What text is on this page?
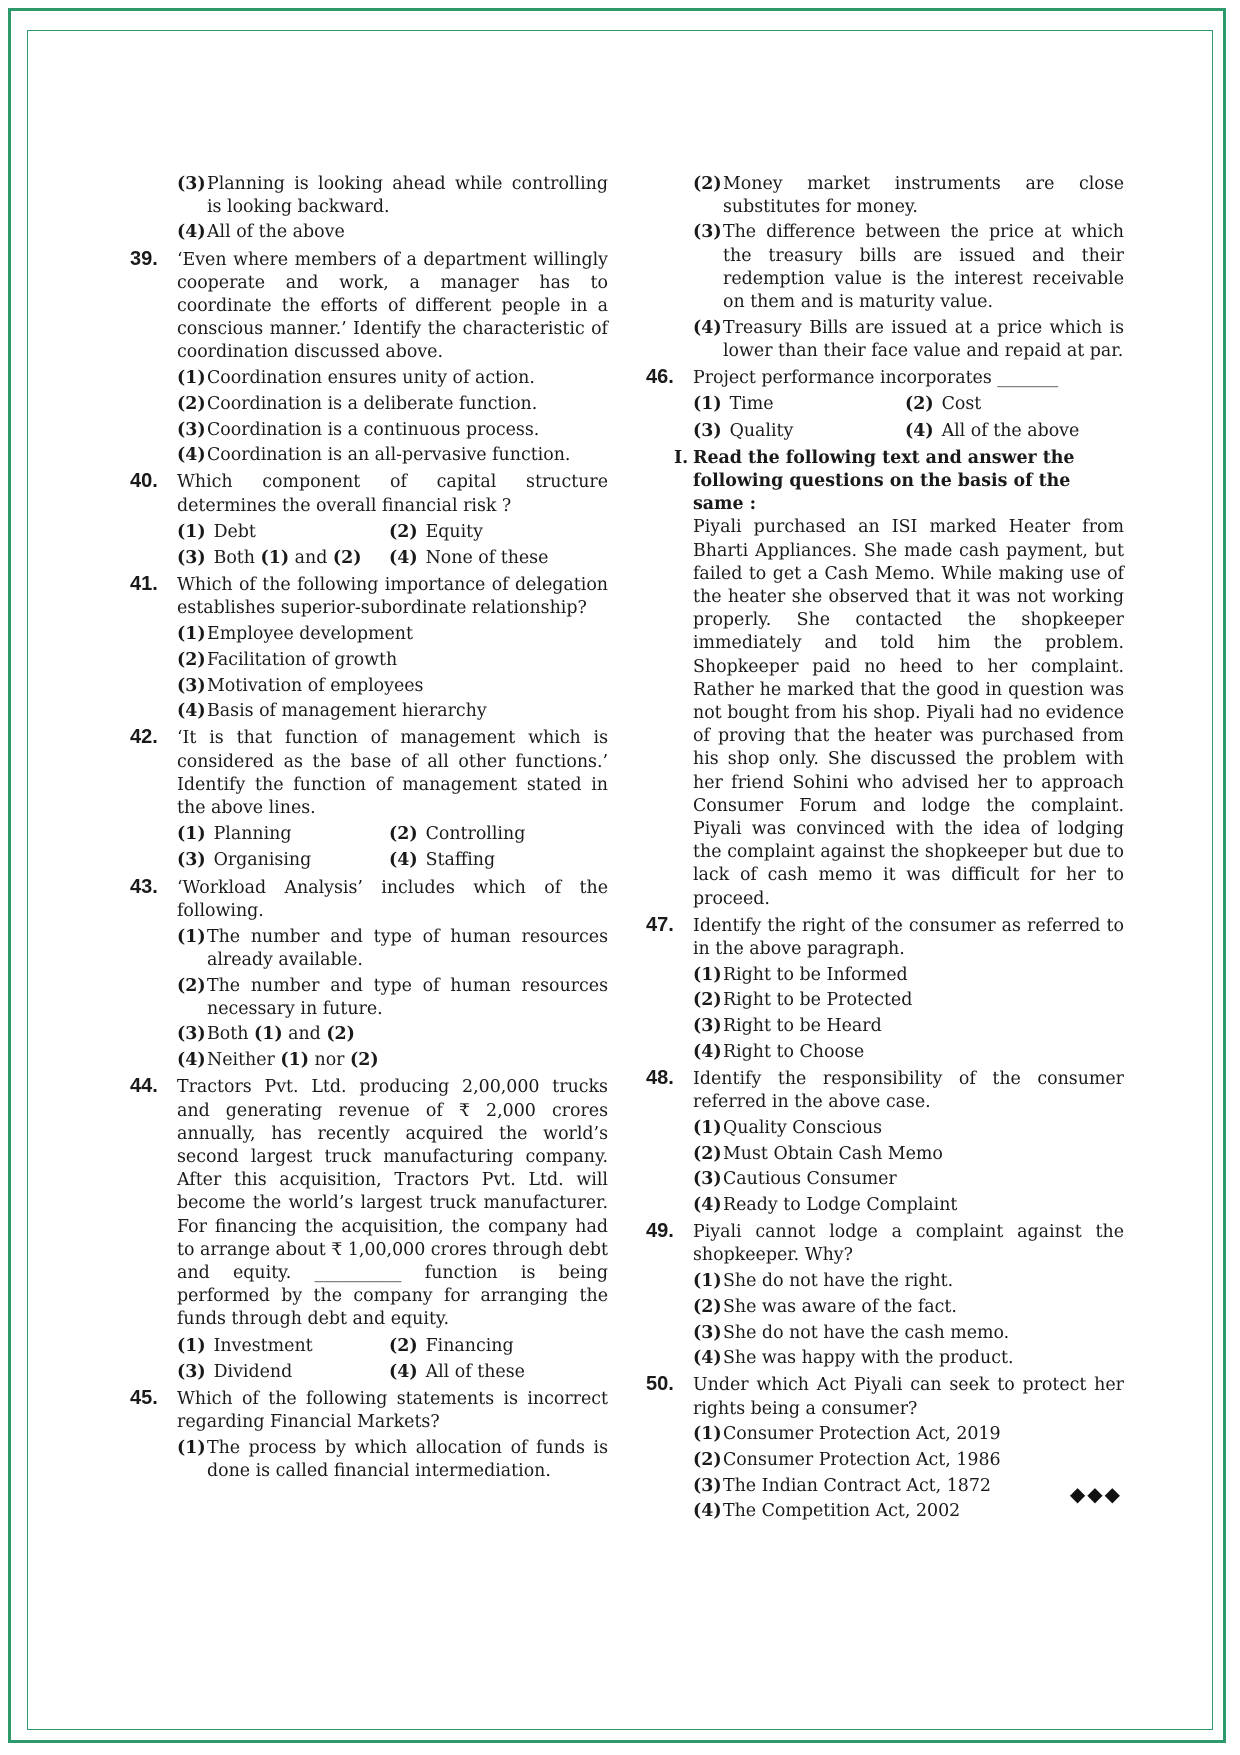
(3) Planning is looking ahead while controlling is looking backward.
(4) All of the above
39. ‘Even where members of a department willingly cooperate and work, a manager has to coordinate the efforts of different people in a conscious manner.’ Identify the characteristic of coordination discussed above.
(1) Coordination ensures unity of action.
(2) Coordination is a deliberate function.
(3) Coordination is a continuous process.
(4) Coordination is an all-pervasive function.
40. Which component of capital structure determines the overall financial risk ?
(1) Debt	(2) Equity
(3) Both (1) and (2)	(4) None of these
41. Which of the following importance of delegation establishes superior-subordinate relationship?
(1) Employee development
(2) Facilitation of growth
(3) Motivation of employees
(4) Basis of management hierarchy
42. ‘It is that function of management which is considered as the base of all other functions.’ Identify the function of management stated in the above lines.
(1) Planning	(2) Controlling
(3) Organising	(4) Staffing
43. ‘Workload Analysis’ includes which of the following.
(1) The number and type of human resources already available.
(2) The number and type of human resources necessary in future.
(3) Both (1) and (2)
(4) Neither (1) nor (2)
44. Tractors Pvt. Ltd. producing 2,00,000 trucks and generating revenue of ₹ 2,000 crores annually, has recently acquired the world’s second largest truck manufacturing company. After this acquisition, Tractors Pvt. Ltd. will become the world’s largest truck manufacturer. For financing the acquisition, the company had to arrange about ₹ 1,00,000 crores through debt and equity. __________ function is being performed by the company for arranging the funds through debt and equity.
(1) Investment	(2) Financing
(3) Dividend	(4) All of these
45. Which of the following statements is incorrect regarding Financial Markets?
(1) The process by which allocation of funds is done is called financial intermediation.
(2) Money market instruments are close substitutes for money.
(3) The difference between the price at which the treasury bills are issued and their redemption value is the interest receivable on them and is maturity value.
(4) Treasury Bills are issued at a price which is lower than their face value and repaid at par.
46. Project performance incorporates _______
(1) Time	(2) Cost
(3) Quality	(4) All of the above
I. Read the following text and answer the following questions on the basis of the same :
Piyali purchased an ISI marked Heater from Bharti Appliances. She made cash payment, but failed to get a Cash Memo. While making use of the heater she observed that it was not working properly. She contacted the shopkeeper immediately and told him the problem. Shopkeeper paid no heed to her complaint. Rather he marked that the good in question was not bought from his shop. Piyali had no evidence of proving that the heater was purchased from his shop only. She discussed the problem with her friend Sohini who advised her to approach Consumer Forum and lodge the complaint. Piyali was convinced with the idea of lodging the complaint against the shopkeeper but due to lack of cash memo it was difficult for her to proceed.
47. Identify the right of the consumer as referred to in the above paragraph.
(1) Right to be Informed
(2) Right to be Protected
(3) Right to be Heard
(4) Right to Choose
48. Identify the responsibility of the consumer referred in the above case.
(1) Quality Conscious
(2) Must Obtain Cash Memo
(3) Cautious Consumer
(4) Ready to Lodge Complaint
49. Piyali cannot lodge a complaint against the shopkeeper. Why?
(1) She do not have the right.
(2) She was aware of the fact.
(3) She do not have the cash memo.
(4) She was happy with the product.
50. Under which Act Piyali can seek to protect her rights being a consumer?
(1) Consumer Protection Act, 2019
(2) Consumer Protection Act, 1986
(3) The Indian Contract Act, 1872
(4) The Competition Act, 2002
◆◆◆
